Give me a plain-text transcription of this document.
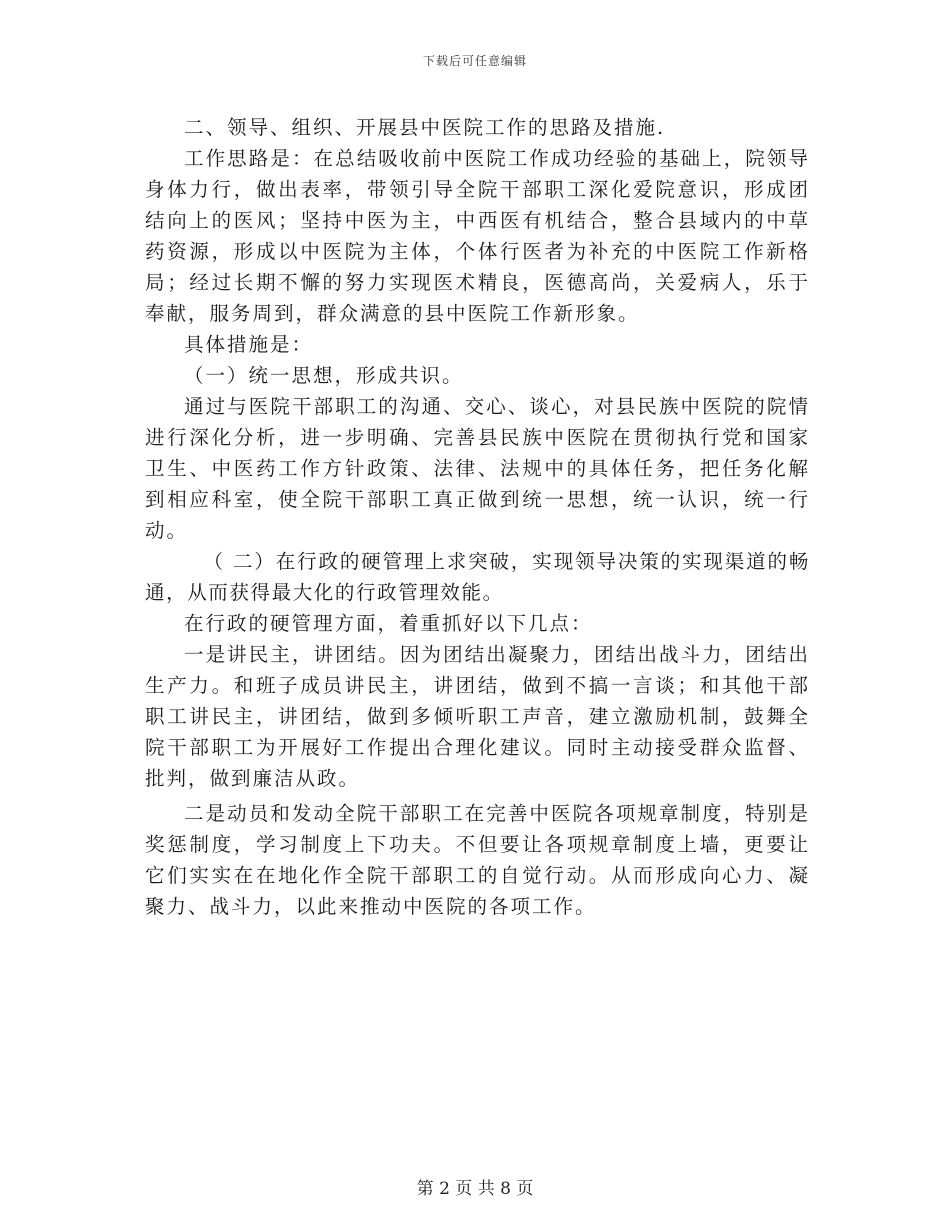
下载后可任意编辑

二、领导、组织、开展县中医院工作的思路及措施.

工作思路是：在总结吸收前中医院工作成功经验的基础上，院领导身体力行，做出表率，带领引导全院干部职工深化爱院意识，形成团结向上的医风；坚持中医为主，中西医有机结合，整合县域内的中草药资源，形成以中医院为主体，个体行医者为补充的中医院工作新格局；经过长期不懈的努力实现医术精良，医德高尚，关爱病人，乐于奉献，服务周到，群众满意的县中医院工作新形象。

具体措施是：

（一）统一思想，形成共识。

通过与医院干部职工的沟通、交心、谈心，对县民族中医院的院情进行深化分析，进一步明确、完善县民族中医院在贯彻执行党和国家卫生、中医药工作方针政策、法律、法规中的具体任务，把任务化解到相应科室，使全院干部职工真正做到统一思想，统一认识，统一行动。

（ 二）在行政的硬管理上求突破，实现领导决策的实现渠道的畅通，从而获得最大化的行政管理效能。

在行政的硬管理方面，着重抓好以下几点：

一是讲民主，讲团结。因为团结出凝聚力，团结出战斗力，团结出生产力。和班子成员讲民主，讲团结，做到不搞一言谈；和其他干部职工讲民主，讲团结，做到多倾听职工声音，建立激励机制，鼓舞全院干部职工为开展好工作提出合理化建议。同时主动接受群众监督、批判，做到廉洁从政。

二是动员和发动全院干部职工在完善中医院各项规章制度，特别是奖惩制度，学习制度上下功夫。不但要让各项规章制度上墙，更要让它们实实在在地化作全院干部职工的自觉行动。从而形成向心力、凝聚力、战斗力，以此来推动中医院的各项工作。

第 2 页 共 8 页
